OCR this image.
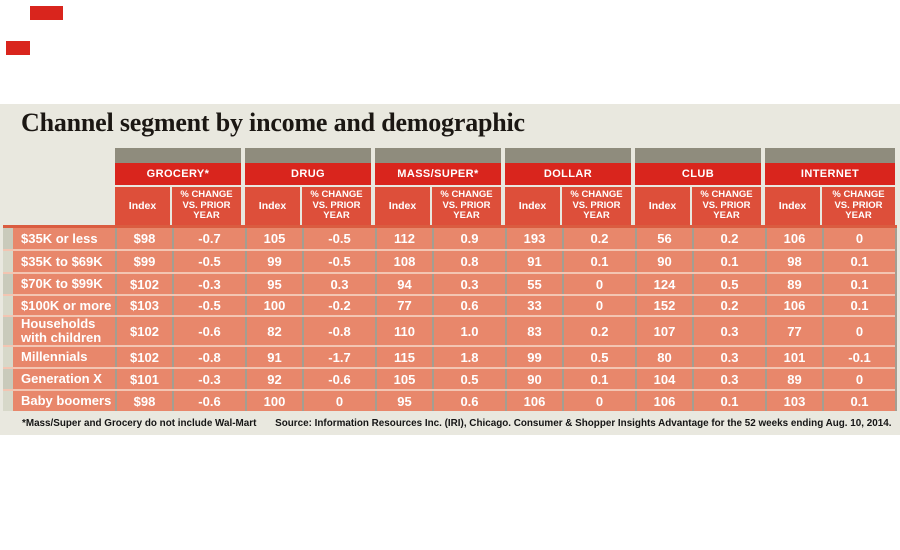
Channel segment by income and demographic
GROCERY*
Index
% CHANGE VS. PRIOR YEAR
DRUG
Index
% CHANGE VS. PRIOR YEAR
MASS/SUPER*
Index
% CHANGE VS. PRIOR YEAR
DOLLAR
Index
% CHANGE VS. PRIOR YEAR
CLUB
Index
% CHANGE VS. PRIOR YEAR
INTERNET
Index
% CHANGE VS. PRIOR YEAR
$35K or less	$98	-0.7	105	-0.5	112	0.9	193	0.2	56	0.2	106	0
$35K to $69K	$99	-0.5	99	-0.5	108	0.8	91	0.1	90	0.1	98	0.1
$70K to $99K	$102	-0.3	95	0.3	94	0.3	55	0	124	0.5	89	0.1
$100K or more	$103	-0.5	100	-0.2	77	0.6	33	0	152	0.2	106	0.1
Households with children	$102	-0.6	82	-0.8	110	1.0	83	0.2	107	0.3	77	0
Millennials	$102	-0.8	91	-1.7	115	1.8	99	0.5	80	0.3	101	-0.1
Generation X	$101	-0.3	92	-0.6	105	0.5	90	0.1	104	0.3	89	0
Baby boomers	$98	-0.6	100	0	95	0.6	106	0	106	0.1	103	0.1
*Mass/Super and Grocery do not include Wal-Mart Source: Information Resources Inc. (IRI), Chicago. Consumer & Shopper Insights Advantage for the 52 weeks ending Aug. 10, 2014.
